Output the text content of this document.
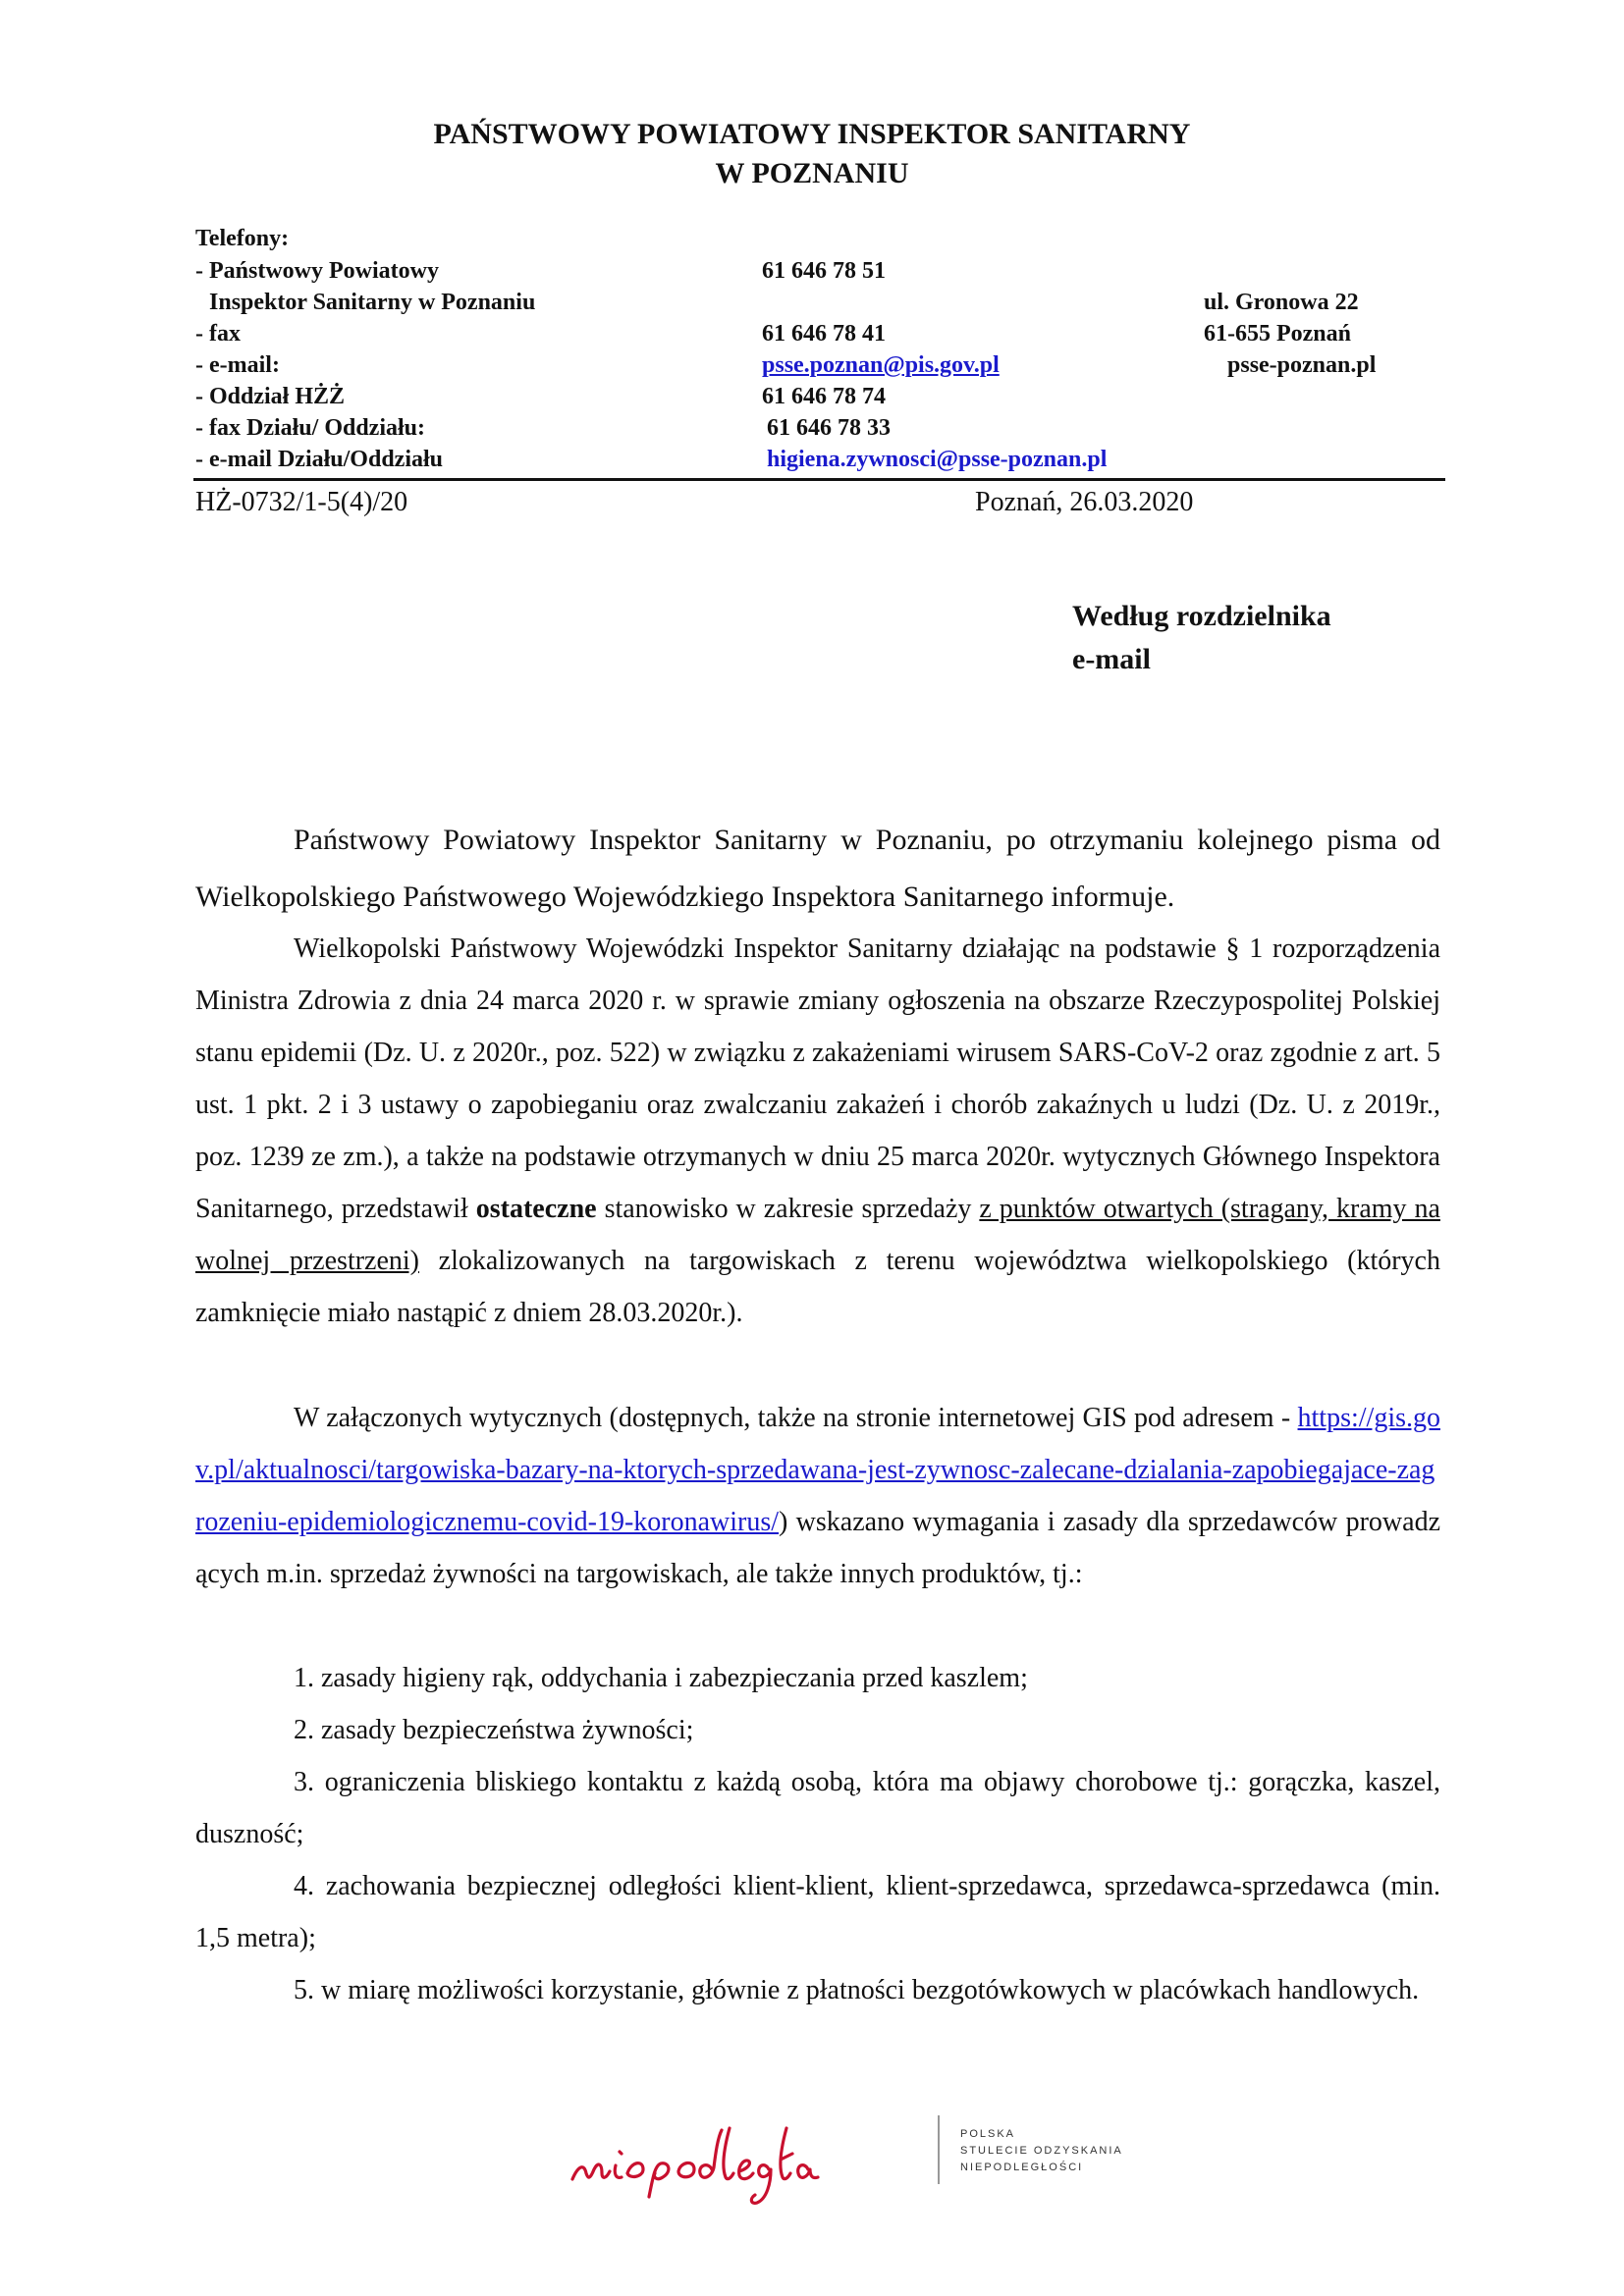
PAŃSTWOWY POWIATOWY INSPEKTOR SANITARNY
W POZNANIU
Telefony:
- Państwowy Powiatowy	61 646 78 51
Inspektor Sanitarny w Poznaniu
- fax	61 646 78 41
- e-mail:	psse.poznan@pis.gov.pl
- Oddział HŻŻ	61 646 78 74
- fax Działu/ Oddziału:	61 646 78 33
- e-mail Działu/Oddziału	higiena.zywnosci@psse-poznan.pl
ul. Gronowa 22
61-655 Poznań
psse-poznan.pl
HŻ-0732/1-5(4)/20	Poznań, 26.03.2020
Według rozdzielnika
e-mail
Państwowy Powiatowy Inspektor Sanitarny w Poznaniu, po otrzymaniu kolejnego pisma od Wielkopolskiego Państwowego Wojewódzkiego Inspektora Sanitarnego informuje.
Wielkopolski Państwowy Wojewódzki Inspektor Sanitarny działając na podstawie § 1 rozporządzenia Ministra Zdrowia z dnia 24 marca 2020 r. w sprawie zmiany ogłoszenia na obszarze Rzeczypospolitej Polskiej stanu epidemii (Dz. U. z 2020r., poz. 522) w związku z zakażeniami wirusem SARS-CoV-2 oraz zgodnie z art. 5 ust. 1 pkt. 2 i 3 ustawy o zapobieganiu oraz zwalczaniu zakażeń i chorób zakaźnych u ludzi (Dz. U. z 2019r., poz. 1239 ze zm.), a także na podstawie otrzymanych w dniu 25 marca 2020r. wytycznych Głównego Inspektora Sanitarnego, przedstawił ostateczne stanowisko w zakresie sprzedaży z punktów otwartych (stragany, kramy na wolnej przestrzeni) zlokalizowanych na targowiskach z terenu województwa wielkopolskiego (których zamknięcie miało nastąpić z dniem 28.03.2020r.).
W załączonych wytycznych (dostępnych, także na stronie internetowej GIS pod adresem - https://gis.gov.pl/aktualnosci/targowiska-bazary-na-ktorych-sprzedawana-jest-zywnosc-zalecane-dzialania-zapobiegajace-zagrozeniu-epidemiologicznemu-covid-19-koronawirus/) wskazano wymagania i zasady dla sprzedawców prowadzących m.in. sprzedaż żywności na targowiskach, ale także innych produktów, tj.:
1. zasady higieny rąk, oddychania i zabezpieczania przed kaszlem;
2. zasady bezpieczeństwa żywności;
3. ograniczenia bliskiego kontaktu z każdą osobą, która ma objawy chorobowe tj.: gorączka, kaszel, duszność;
4. zachowania bezpiecznej odległości klient-klient, klient-sprzedawca, sprzedawca-sprzedawca (min. 1,5 metra);
5. w miarę możliwości korzystanie, głównie z płatności bezgotówkowych w placówkach handlowych.
POLSKA
STULECIE ODZYSKANIA
NIEPODLEGŁOŚCI
